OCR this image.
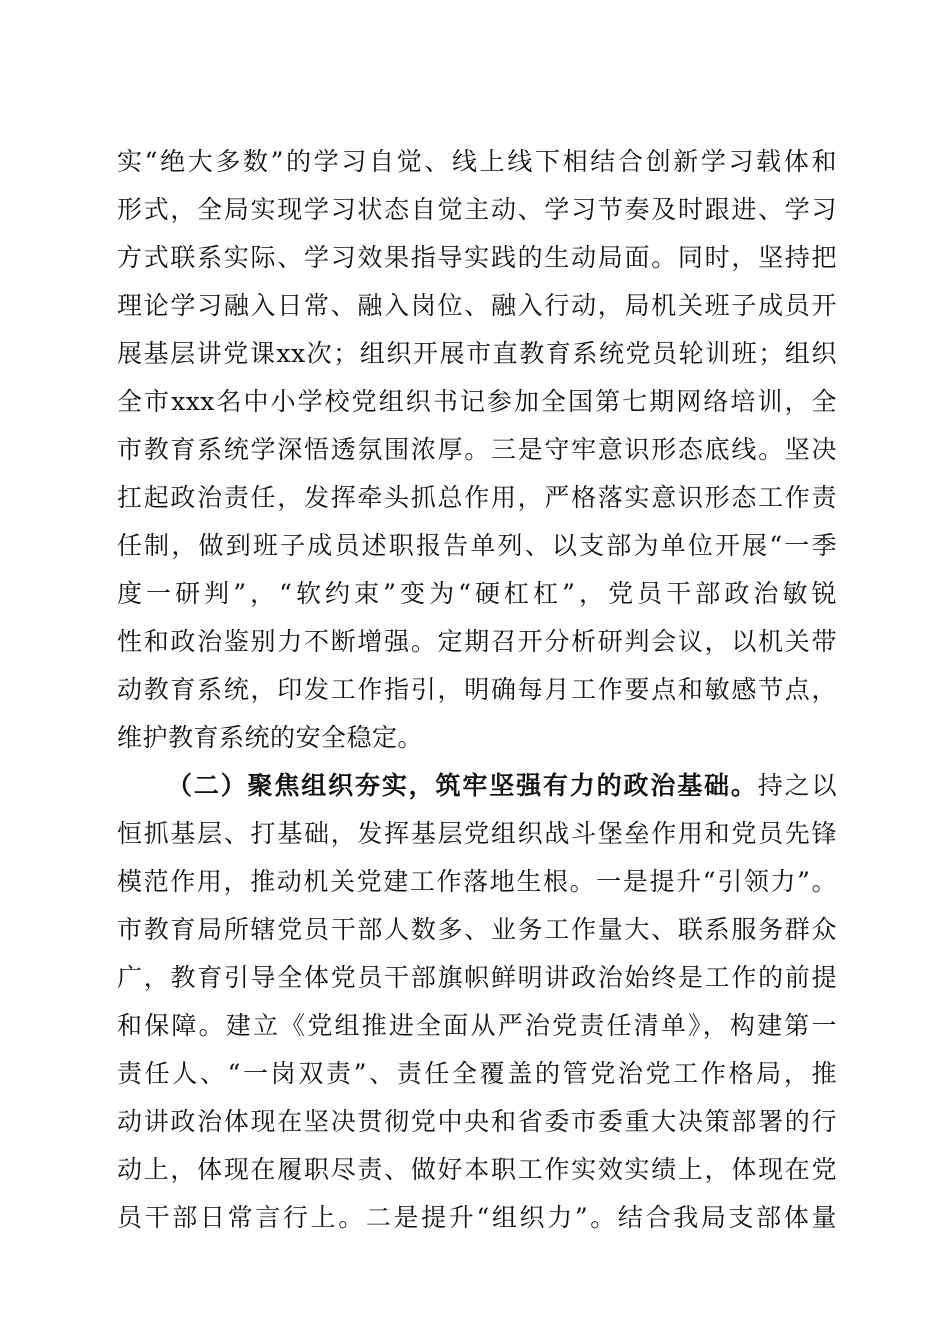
实“绝大多数”的学习自觉、线上线下相结合创新学习载体和
形式，全局实现学习状态自觉主动、学习节奏及时跟进、学习
方式联系实际、学习效果指导实践的生动局面。同时，坚持把
理论学习融入日常、融入岗位、融入行动，局机关班子成员开
展基层讲党课xx次；组织开展市直教育系统党员轮训班；组织
全市xxx名中小学校党组织书记参加全国第七期网络培训，全
市教育系统学深悟透氛围浓厚。三是守牢意识形态底线。坚决
扛起政治责任，发挥牵头抓总作用，严格落实意识形态工作责
任制，做到班子成员述职报告单列、以支部为单位开展“一季
度一研判”，“软约束”变为“硬杠杠”，党员干部政治敏锐
性和政治鉴别力不断增强。定期召开分析研判会议，以机关带
动教育系统，印发工作指引，明确每月工作要点和敏感节点，
维护教育系统的安全稳定。
（二）聚焦组织夯实，筑牢坚强有力的政治基础。持之以
恒抓基层、打基础，发挥基层党组织战斗堡垒作用和党员先锋
模范作用，推动机关党建工作落地生根。一是提升“引领力”。
市教育局所辖党员干部人数多、业务工作量大、联系服务群众
广，教育引导全体党员干部旗帜鲜明讲政治始终是工作的前提
和保障。建立《党组推进全面从严治党责任清单》，构建第一
责任人、“一岗双责”、责任全覆盖的管党治党工作格局，推
动讲政治体现在坚决贯彻党中央和省委市委重大决策部署的行
动上，体现在履职尽责、做好本职工作实效实绩上，体现在党
员干部日常言行上。二是提升“组织力”。结合我局支部体量
